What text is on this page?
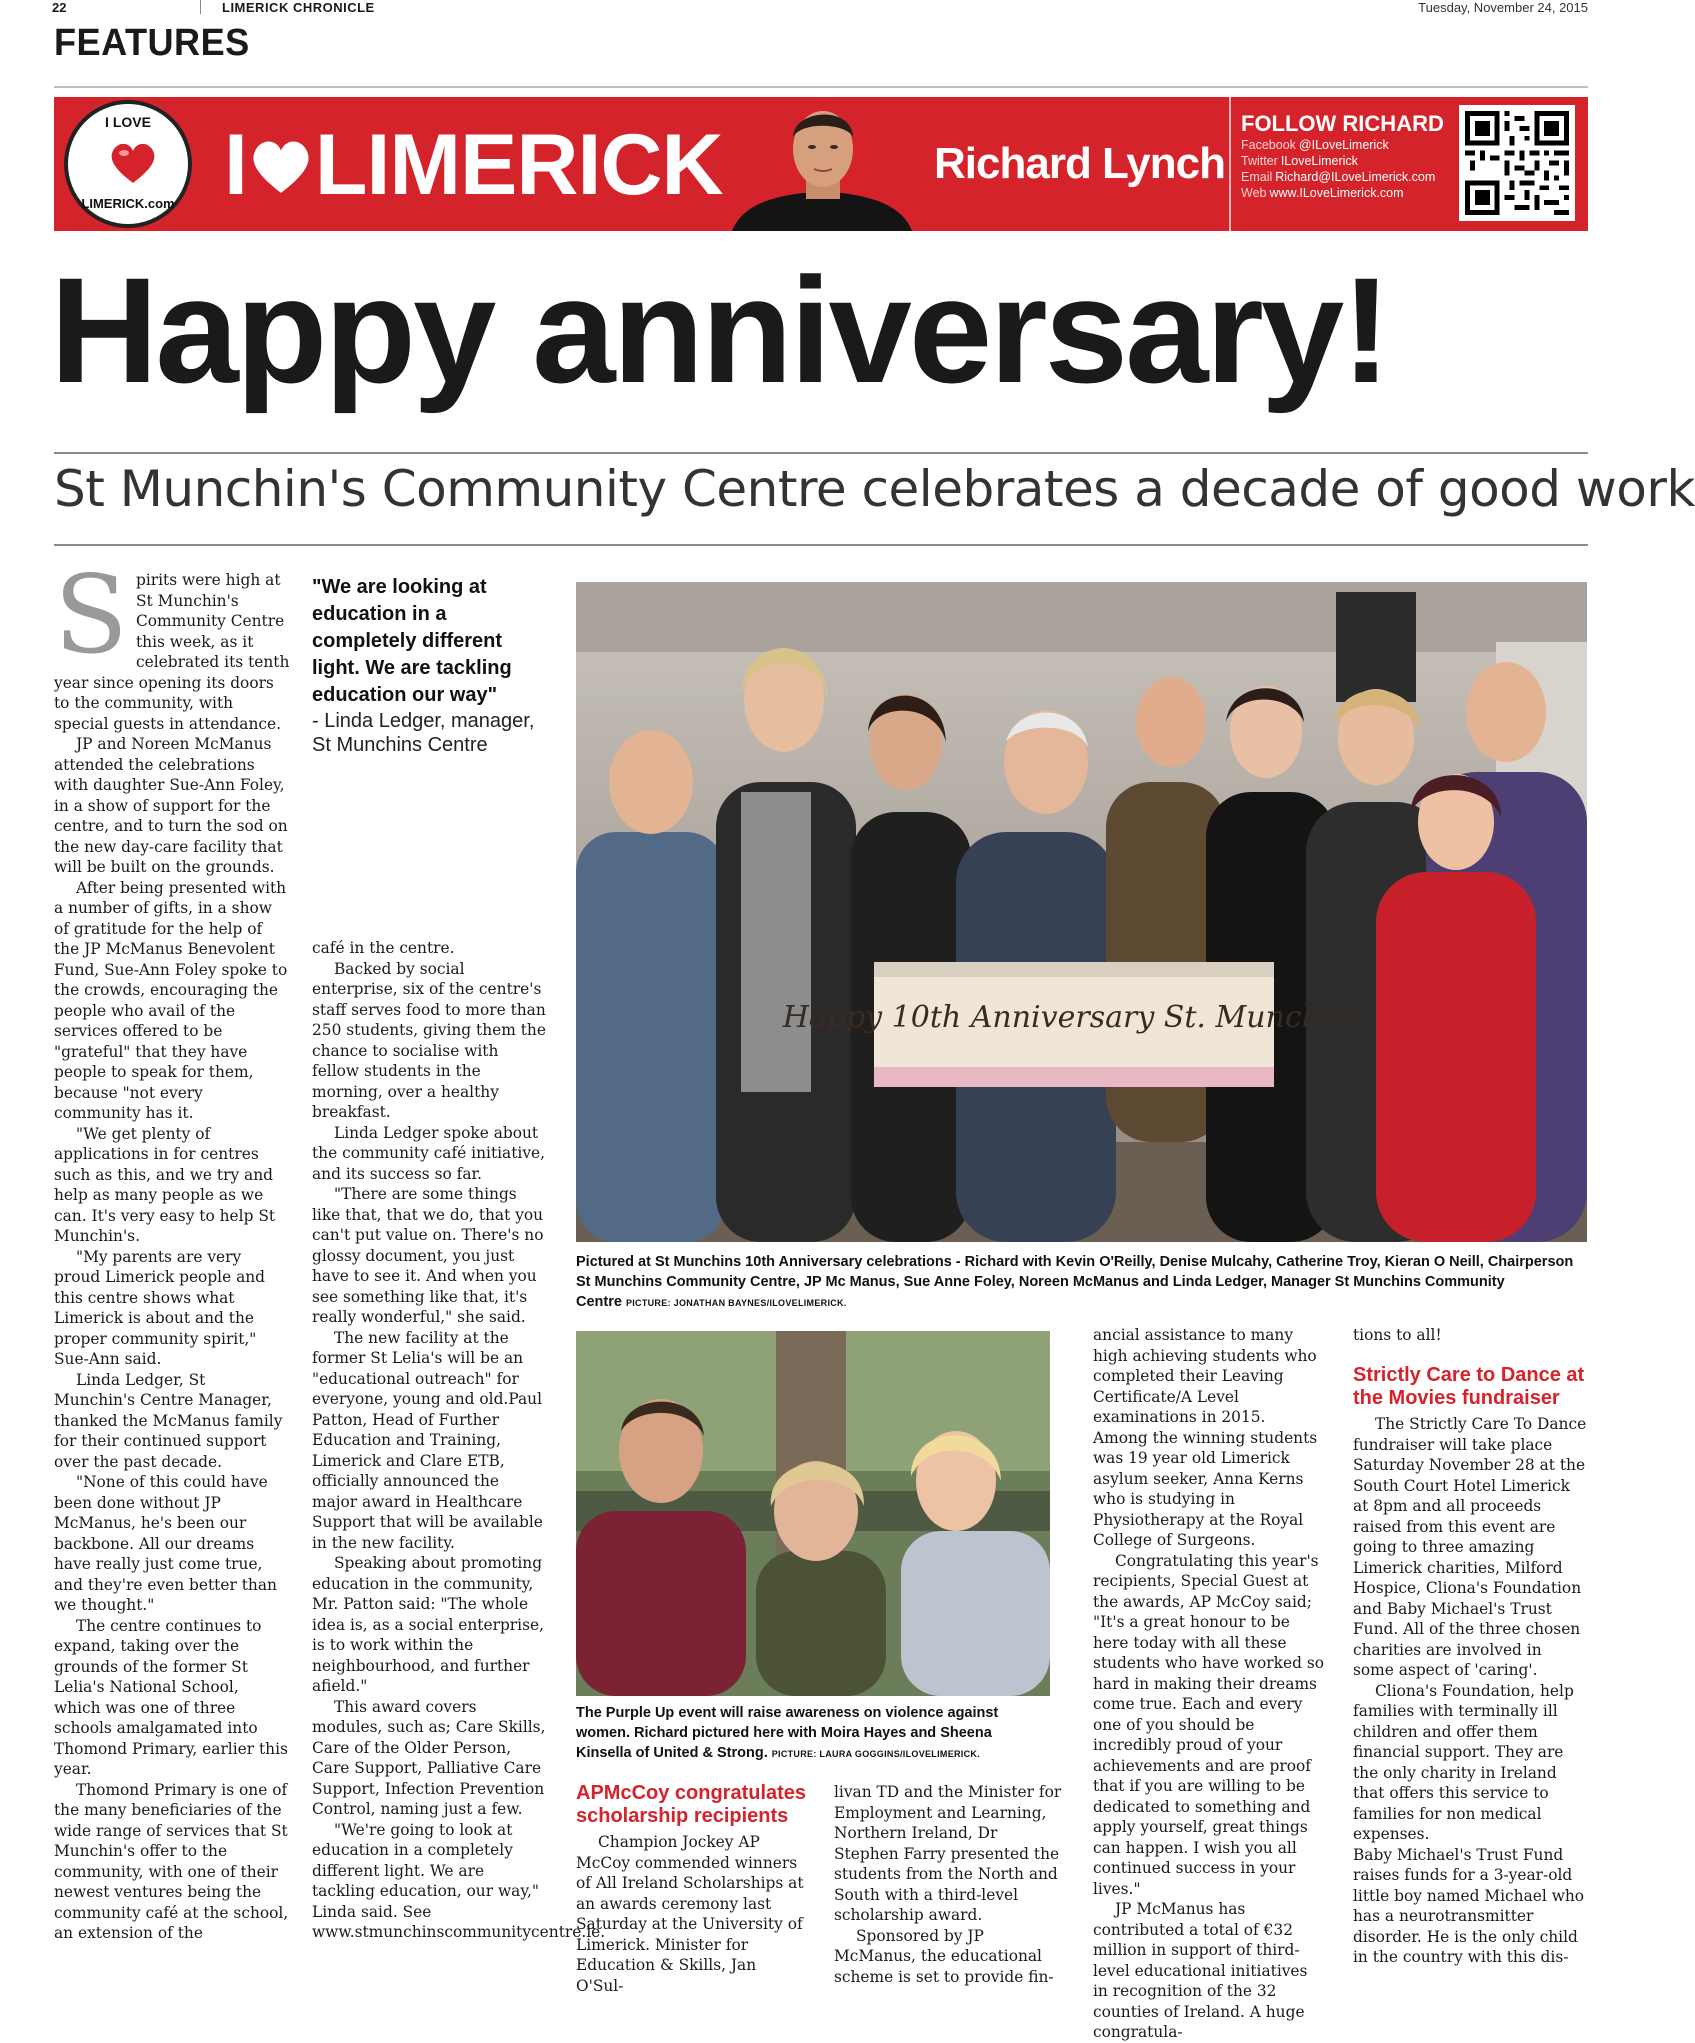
22	LIMERICK CHRONICLE	Tuesday, November 24, 2015
FEATURES
I LOVE
LIMERICK.com I LIMERICK	Richard Lynch
FOLLOW RICHARD
Facebook @ILoveLimerick
Twitter ILoveLimerick
Email Richard@ILoveLimerick.com
Web www.ILoveLimerick.com
Happy anniversary!
St Munchin's Community Centre celebrates a decade of good work
S pirits were high at St Munchin's Community Centre this week, as it celebrated its tenth year since opening its doors to the community, with special guests in attendance.

JP and Noreen McManus attended the celebrations with daughter Sue-Ann Foley, in a show of support for the centre, and to turn the sod on the new day-care facility that will be built on the grounds.

After being presented with a number of gifts, in a show of gratitude for the help of the JP McManus Benevolent Fund, Sue-Ann Foley spoke to the crowds, encouraging the people who avail of the services offered to be "grateful" that they have people to speak for them, because "not every community has it.

"We get plenty of applications in for centres such as this, and we try and help as many people as we can. It's very easy to help St Munchin's.

"My parents are very proud Limerick people and this centre shows what Limerick is about and the proper community spirit," Sue-Ann said.

Linda Ledger, St Munchin's Centre Manager, thanked the McManus family for their continued support over the past decade.

"None of this could have been done without JP McManus, he's been our backbone. All our dreams have really just come true, and they're even better than we thought."

The centre continues to expand, taking over the grounds of the former St Lelia's National School, which was one of three schools amalgamated into Thomond Primary, earlier this year.

Thomond Primary is one of the many beneficiaries of the wide range of services that St Munchin's offer to the community, with one of their newest ventures being the community café at the school, an extension of the

"We are looking at education in a completely different light. We are tackling education our way"
- Linda Ledger, manager, St Munchins Centre

café in the centre.

Backed by social enterprise, six of the centre's staff serves food to more than 250 students, giving them the chance to socialise with fellow students in the morning, over a healthy breakfast.

Linda Ledger spoke about the community café initiative, and its success so far.

"There are some things like that, that we do, that you can't put value on. There's no glossy document, you just have to see it. And when you see something like that, it's really wonderful," she said.

The new facility at the former St Lelia's will be an "educational outreach" for everyone, young and old.Paul Patton, Head of Further Education and Training, Limerick and Clare ETB, officially announced the major award in Healthcare Support that will be available in the new facility.

Speaking about promoting education in the community, Mr. Patton said: "The whole idea is, as a social enterprise, is to work within the neighbourhood, and further afield."

This award covers modules, such as; Care Skills, Care of the Older Person, Care Support, Palliative Care Support, Infection Prevention Control, naming just a few.

"We're going to look at education in a completely different light. We are tackling education, our way," Linda said. See www.stmunchinscommunitycentre.ie.

Happy 10th Anniversary St. Munchins
Pictured at St Munchins 10th Anniversary celebrations - Richard with Kevin O'Reilly, Denise Mulcahy, Catherine Troy, Kieran O Neill, Chairperson St Munchins Community Centre, JP Mc Manus, Sue Anne Foley, Noreen McManus and Linda Ledger, Manager St Munchins Community Centre PICTURE: JONATHAN BAYNES/ILOVELIMERICK.
The Purple Up event will raise awareness on violence against women. Richard pictured here with Moira Hayes and Sheena Kinsella of United & Strong. PICTURE: LAURA GOGGINS/ILOVELIMERICK.
APMcCoy congratulates scholarship recipients

Champion Jockey AP McCoy commended winners of All Ireland Scholarships at an awards ceremony last Saturday at the University of Limerick. Minister for Education & Skills, Jan O'Sul-

livan TD and the Minister for Employment and Learning, Northern Ireland, Dr Stephen Farry presented the students from the North and South with a third-level scholarship award.

Sponsored by JP McManus, the educational scheme is set to provide fin-

ancial assistance to many high achieving students who completed their Leaving Certificate/A Level examinations in 2015. Among the winning students was 19 year old Limerick asylum seeker, Anna Kerns who is studying in Physiotherapy at the Royal College of Surgeons.

Congratulating this year's recipients, Special Guest at the awards, AP McCoy said; "It's a great honour to be here today with all these students who have worked so hard in making their dreams come true. Each and every one of you should be incredibly proud of your achievements and are proof that if you are willing to be dedicated to something and apply yourself, great things can happen. I wish you all continued success in your lives."

JP McManus has contributed a total of €32 million in support of third-level educational initiatives in recognition of the 32 counties of Ireland. A huge congratula-

tions to all!

Strictly Care to Dance at the Movies fundraiser

The Strictly Care To Dance fundraiser will take place Saturday November 28 at the South Court Hotel Limerick at 8pm and all proceeds raised from this event are going to three amazing Limerick charities, Milford Hospice, Cliona's Foundation and Baby Michael's Trust Fund. All of the three chosen charities are involved in some aspect of 'caring'.

Cliona's Foundation, help families with terminally ill children and offer them financial support. They are the only charity in Ireland that offers this service to families for non medical expenses.

Baby Michael's Trust Fund raises funds for a 3-year-old little boy named Michael who has a neurotransmitter disorder. He is the only child in the country with this dis-
